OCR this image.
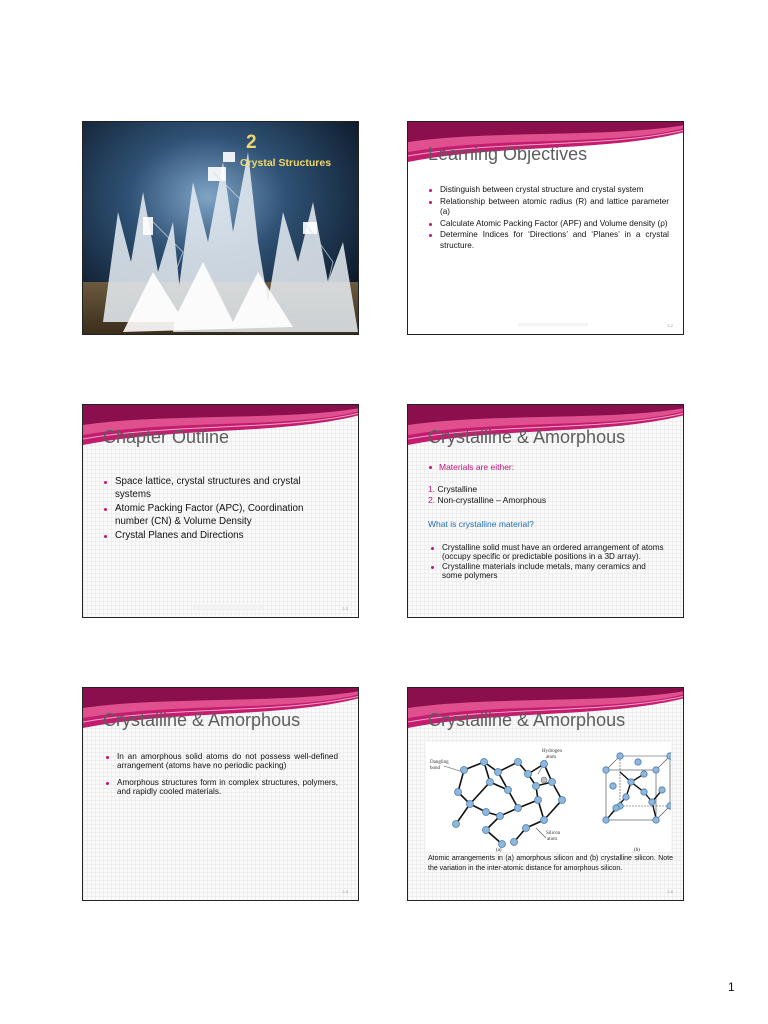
2
Crystal Structures	Learning Objectives
Distinguish between crystal structure and crystal system
Relationship between atomic radius (R) and lattice parameter (a)
Calculate Atomic Packing Factor (APF) and Volume density (ρ)
Determine Indices for ‘Directions’ and ‘Planes’ in a crystal structure.
2-2
Chapter Outline
Space lattice, crystal structures and crystal systems
Atomic Packing Factor (APC), Coordination number (CN) & Volume Density
Crystal Planes and Directions
2-3
Crystalline & Amorphous
Materials are either:
1. Crystalline
2. Non-crystalline – Amorphous
What is crystalline material?
Crystalline solid must have an ordered arrangement of atoms (occupy specific or predictable positions in a 3D array).
Crystalline materials include metals, many ceramics and some polymers
Crystalline & Amorphous
In an amorphous solid atoms do not possess well-defined arrangement (atoms have no periodic packing)
Amorphous structures form in complex structures, polymers, and rapidly cooled materials.
2-5
Crystalline & Amorphous
Dangling
bond
Hydrogen
atom
Silicon
atom
(a)	(b)
Atomic arrangements in (a) amorphous silicon and (b) crystalline silicon. Note the variation in the inter-atomic distance for amorphous silicon.
2-6
1
